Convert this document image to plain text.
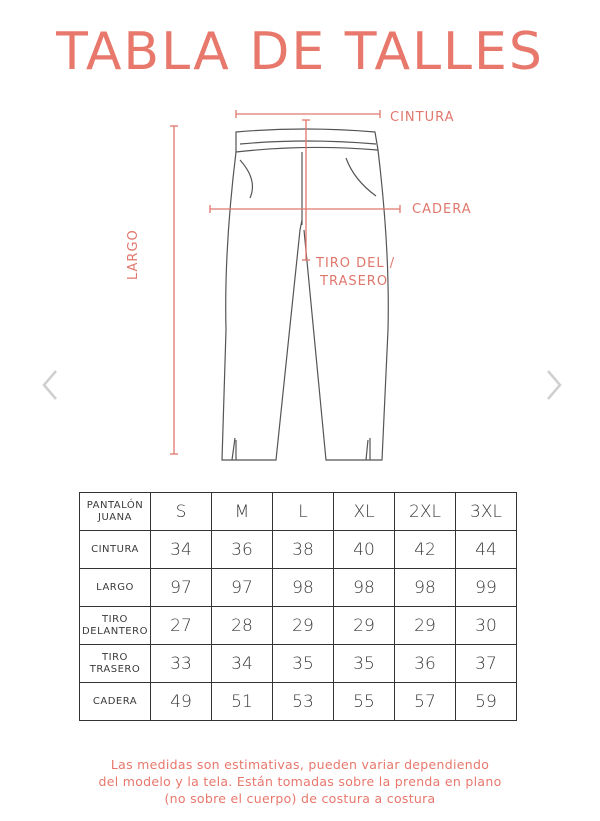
TABLA DE TALLES
CINTURA
CADERA
TIRO DEL /
TRASERO
LARGO
PANTALÓN JUANA	S	M	L	XL	2XL	3XL
CINTURA	34	36	38	40	42	44
LARGO	97	97	98	98	98	99
TIRO DELANTERO	27	28	29	29	29	30
TIRO TRASERO	33	34	35	35	36	37
CADERA	49	51	53	55	57	59
Las medidas son estimativas, pueden variar dependiendo
del modelo y la tela. Están tomadas sobre la prenda en plano
(no sobre el cuerpo) de costura a costura
